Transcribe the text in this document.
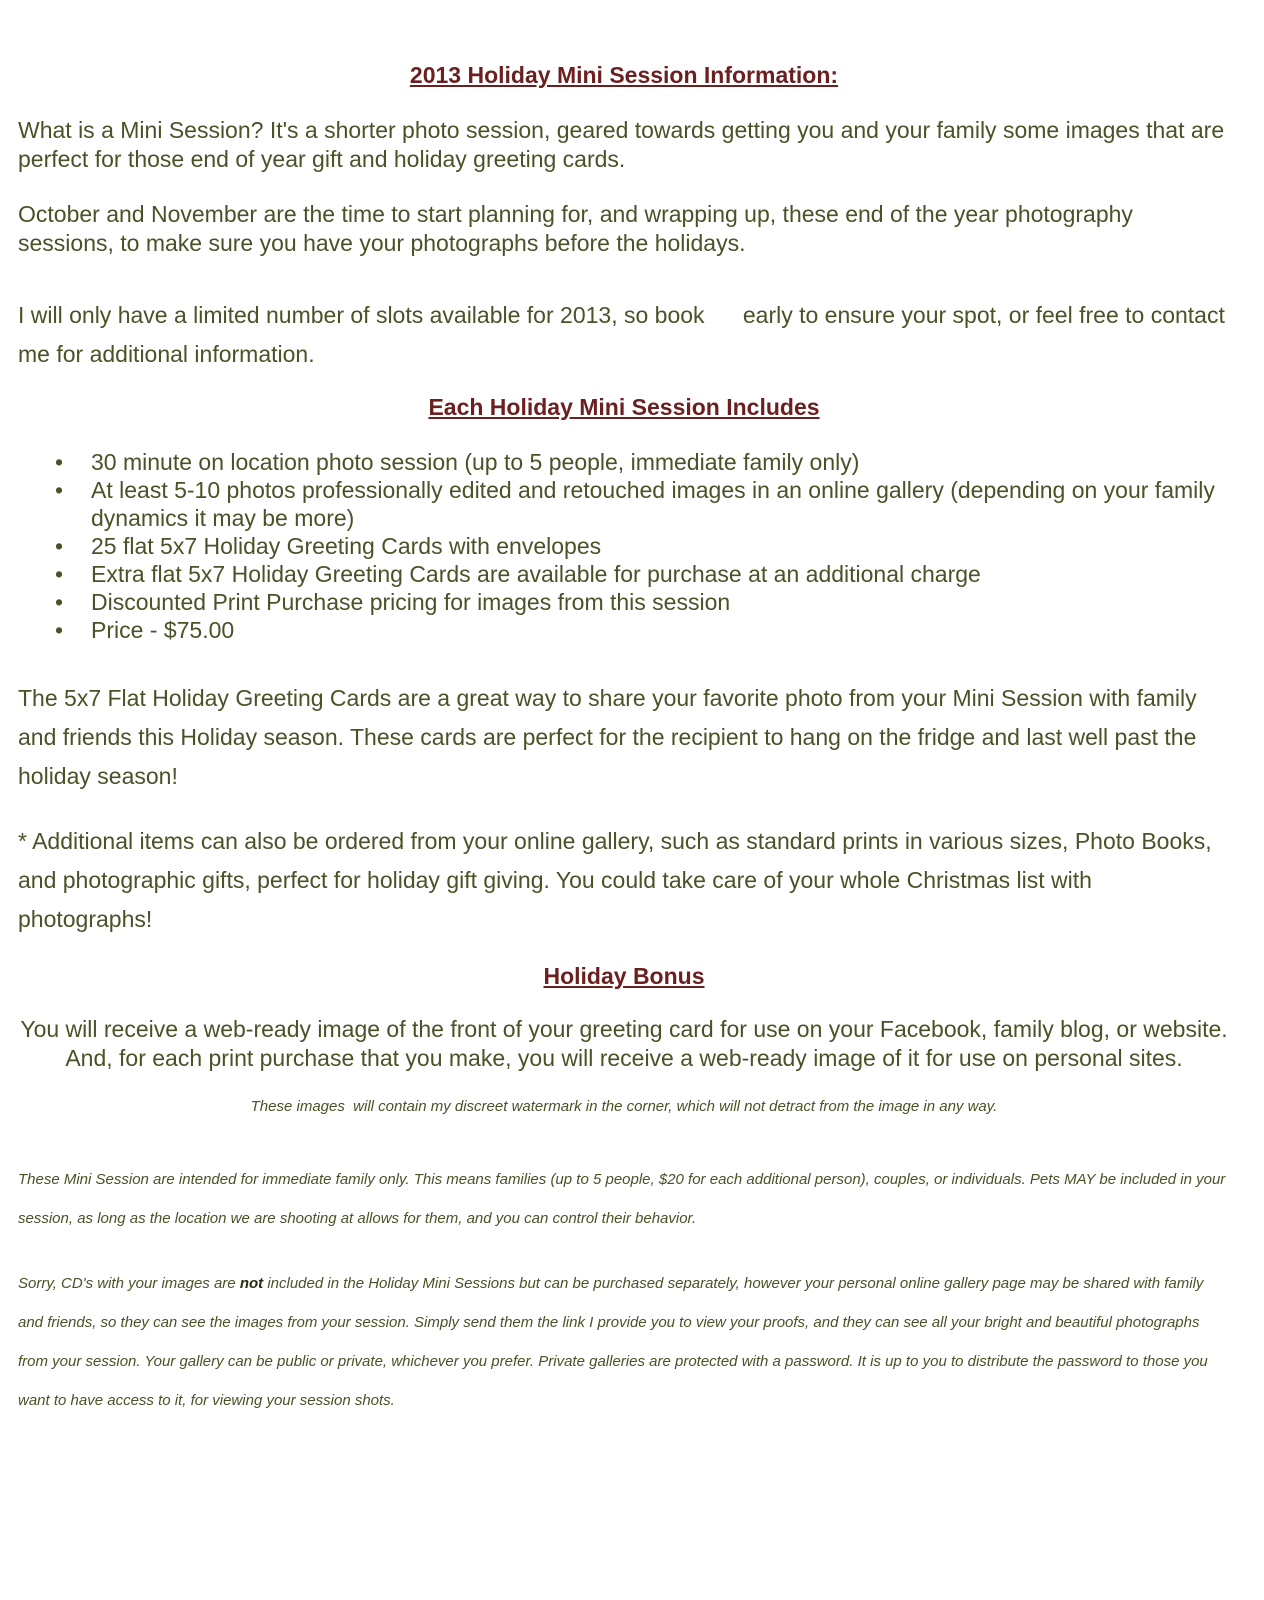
2013 Holiday Mini Session Information:

What is a Mini Session? It's a shorter photo session, geared towards getting you and your family some images that are perfect for those end of year gift and holiday greeting cards.

October and November are the time to start planning for, and wrapping up, these end of the year photography sessions, to make sure you have your photographs before the holidays.

I will only have a limited number of slots available for 2013, so book      early to ensure your spot, or feel free to contact me for additional information.

Each Holiday Mini Session Includes
• 30 minute on location photo session (up to 5 people, immediate family only)
• At least 5-10 photos professionally edited and retouched images in an online gallery (depending on your family dynamics it may be more)
• 25 flat 5x7 Holiday Greeting Cards with envelopes
• Extra flat 5x7 Holiday Greeting Cards are available for purchase at an additional charge
• Discounted Print Purchase pricing for images from this session
• Price - $75.00

The 5x7 Flat Holiday Greeting Cards are a great way to share your favorite photo from your Mini Session with family and friends this Holiday season. These cards are perfect for the recipient to hang on the fridge and last well past the holiday season!

* Additional items can also be ordered from your online gallery, such as standard prints in various sizes, Photo Books, and photographic gifts, perfect for holiday gift giving. You could take care of your whole Christmas list with photographs!

Holiday Bonus

You will receive a web-ready image of the front of your greeting card for use on your Facebook, family blog, or website. And, for each print purchase that you make, you will receive a web-ready image of it for use on personal sites.

These images  will contain my discreet watermark in the corner, which will not detract from the image in any way.

These Mini Session are intended for immediate family only. This means families (up to 5 people, $20 for each additional person), couples, or individuals. Pets MAY be included in your session, as long as the location we are shooting at allows for them, and you can control their behavior.

Sorry, CD's with your images are not included in the Holiday Mini Sessions but can be purchased separately, however your personal online gallery page may be shared with family and friends, so they can see the images from your session. Simply send them the link I provide you to view your proofs, and they can see all your bright and beautiful photographs from your session. Your gallery can be public or private, whichever you prefer. Private galleries are protected with a password. It is up to you to distribute the password to those you want to have access to it, for viewing your session shots.
